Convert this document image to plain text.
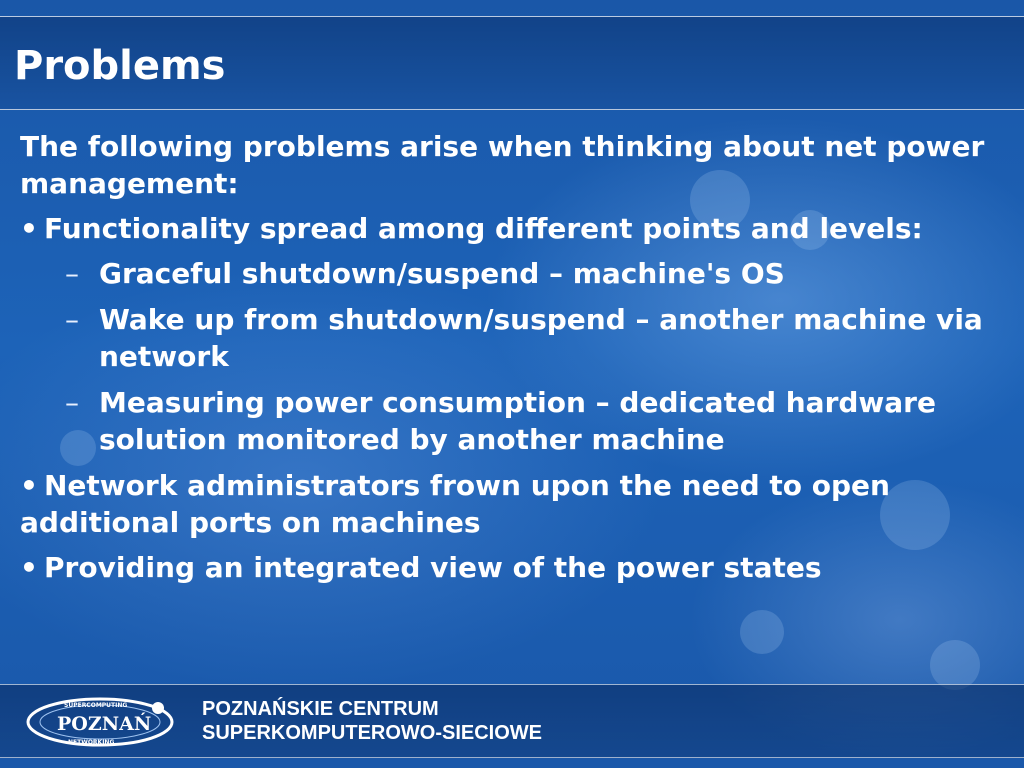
Problems

The following problems arise when thinking about net power management:

• Functionality spread among different points and levels:

– Graceful shutdown/suspend – machine's OS

– Wake up from shutdown/suspend – another machine via network

– Measuring power consumption – dedicated hardware solution monitored by another machine

• Network administrators frown upon the need to open additional ports on machines

• Providing an integrated view of the power states

SUPERCOMPUTING
NETWORKING
POZNAŃ
POZNAŃSKIE CENTRUM
SUPERKOMPUTEROWO-SIECIOWE
